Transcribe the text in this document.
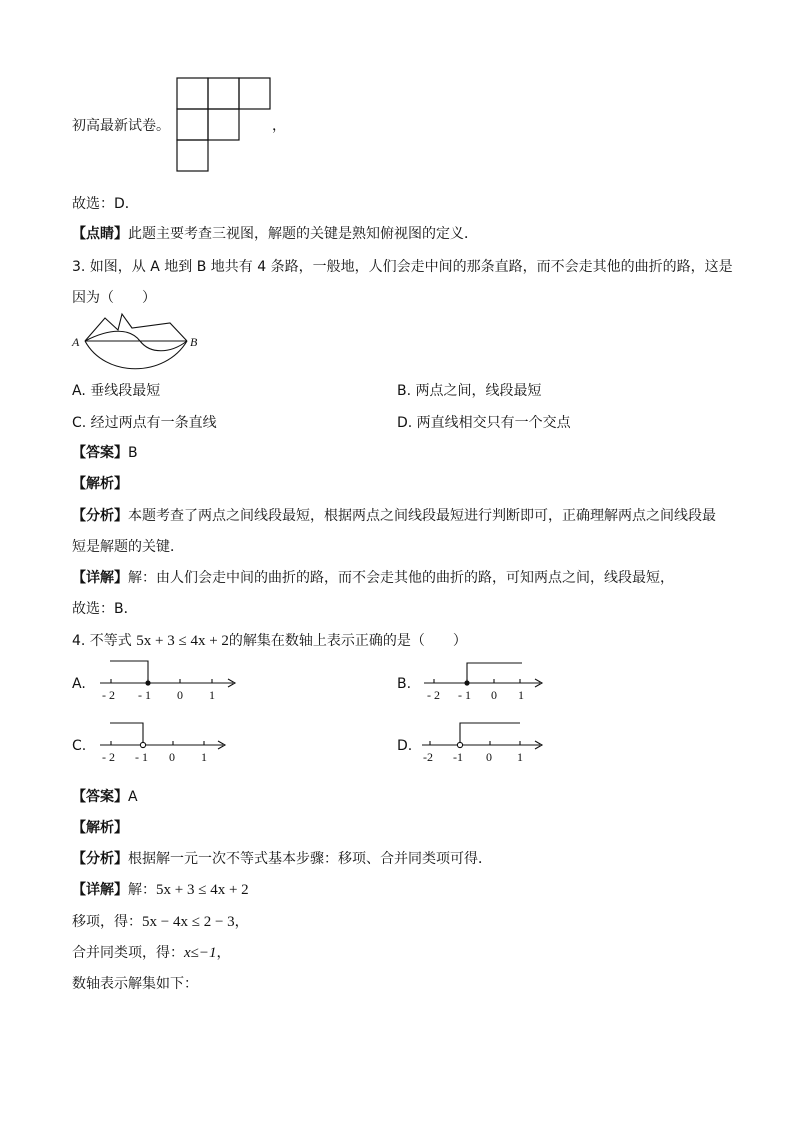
初高最新试卷。	，
故选：D．
【点睛】此题主要考查三视图，解题的关键是熟知俯视图的定义．
3. 如图，从 A 地到 B 地共有 4 条路，一般地，人们会走中间的那条直路，而不会走其他的曲折的路，这是
因为（　　）
A	B
A. 垂线段最短	B. 两点之间，线段最短
C. 经过两点有一条直线	D. 两直线相交只有一个交点
【答案】B
【解析】
【分析】本题考查了两点之间线段最短，根据两点之间线段最短进行判断即可，正确理解两点之间线段最
短是解题的关键．
【详解】解：由人们会走中间的曲折的路，而不会走其他的曲折的路，可知两点之间，线段最短，
故选：B．
4. 不等式 5x + 3 ≤ 4x + 2的解集在数轴上表示正确的是（　　）
A.
- 2 - 1 0 1
B.
- 2 - 1 0 1
C.
- 2 - 1 0 1
D.
-2 -1 0 1
【答案】A
【解析】
【分析】根据解一元一次不等式基本步骤：移项、合并同类项可得．
【详解】解：5x + 3 ≤ 4x + 2
移项，得：5x − 4x ≤ 2 − 3，
合并同类项，得：x≤−1，
数轴表示解集如下：
